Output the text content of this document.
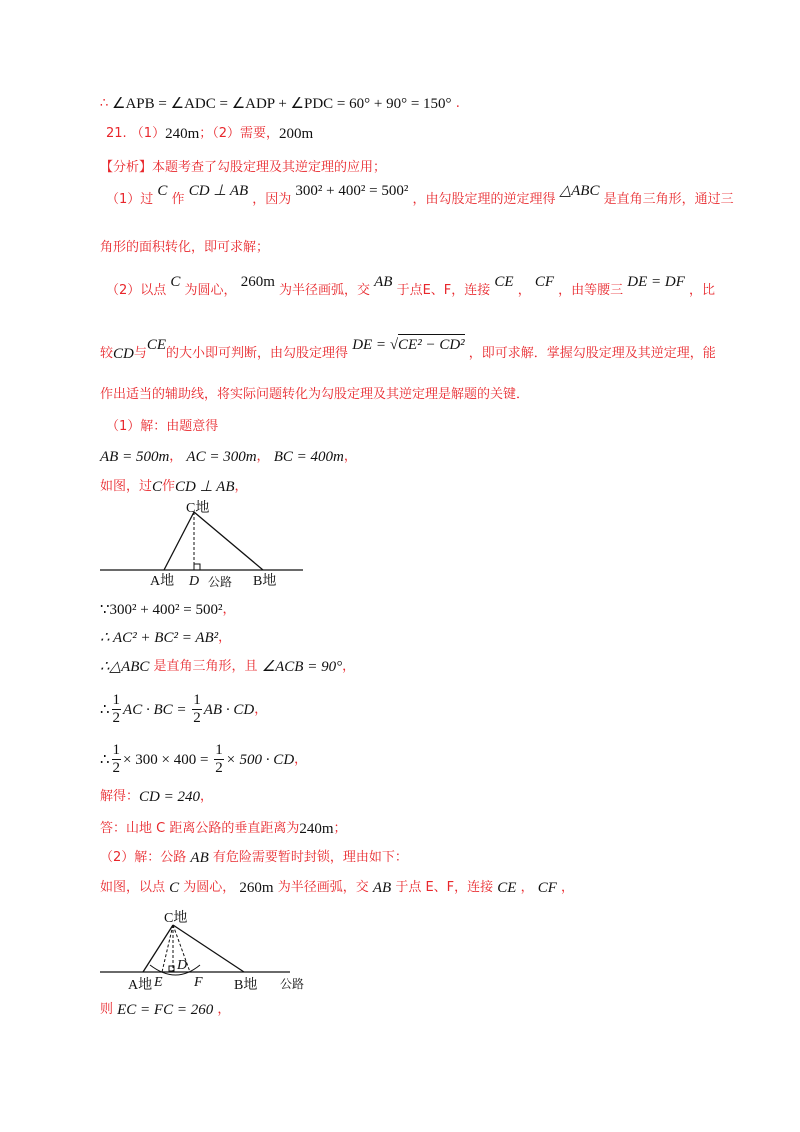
∴ ∠APB = ∠ADC = ∠ADP + ∠PDC = 60° + 90° = 150° .
21. （1） 240m ；（2）需要， 200m
【分析】本题考查了勾股定理及其逆定理的应用；
（1）过
C
作
CD ⊥ AB
，因为
300² + 400² = 500²
，由勾股定理的逆定理得
△ABC
是直角三角形，通过三
角形的面积转化，即可求解；
（2）以点
C
为圆心，
260m
为半径画弧，交
AB
于点E、F，连接
CE
，
CF
，由等腰三
DE = DF
，比
较 CD 与
CE
的大小即可判断，由勾股定理得
DE = √ CE² − CD² ，即可求解．掌握勾股定理及其逆定理，能
作出适当的辅助线，将实际问题转化为勾股定理及其逆定理是解题的关键．
（1）解：由题意得
AB = 500m ， AC = 300m ， BC = 400m ，
如图，过 C 作 CD ⊥ AB ，
∵300² + 400² = 500² ，
∴ AC² + BC² = AB² ，
∴△ABC 是直角三角形，且 ∠ACB = 90° ，
∴ $\frac{1}{2}$ AC · BC = $\frac{1}{2}$ AB · CD ，
∴ $\frac{1}{2} \times 300 \times 400 = \frac{1}{2} \times 500$ · CD ，
解得： CD = 240 ，
答：山地 C 距离公路的垂直距离为 240m ；
（2）解：公路 AB 有危险需要暂时封锁，理由如下：
如图，以点 C 为圆心， 260m 为半径画弧，交 AB 于点 E、F，连接 CE ， CF ，
则 EC = FC = 260 ，
C地
A地 D 公路 B地
C地
A地 E
D
F B地 公路
